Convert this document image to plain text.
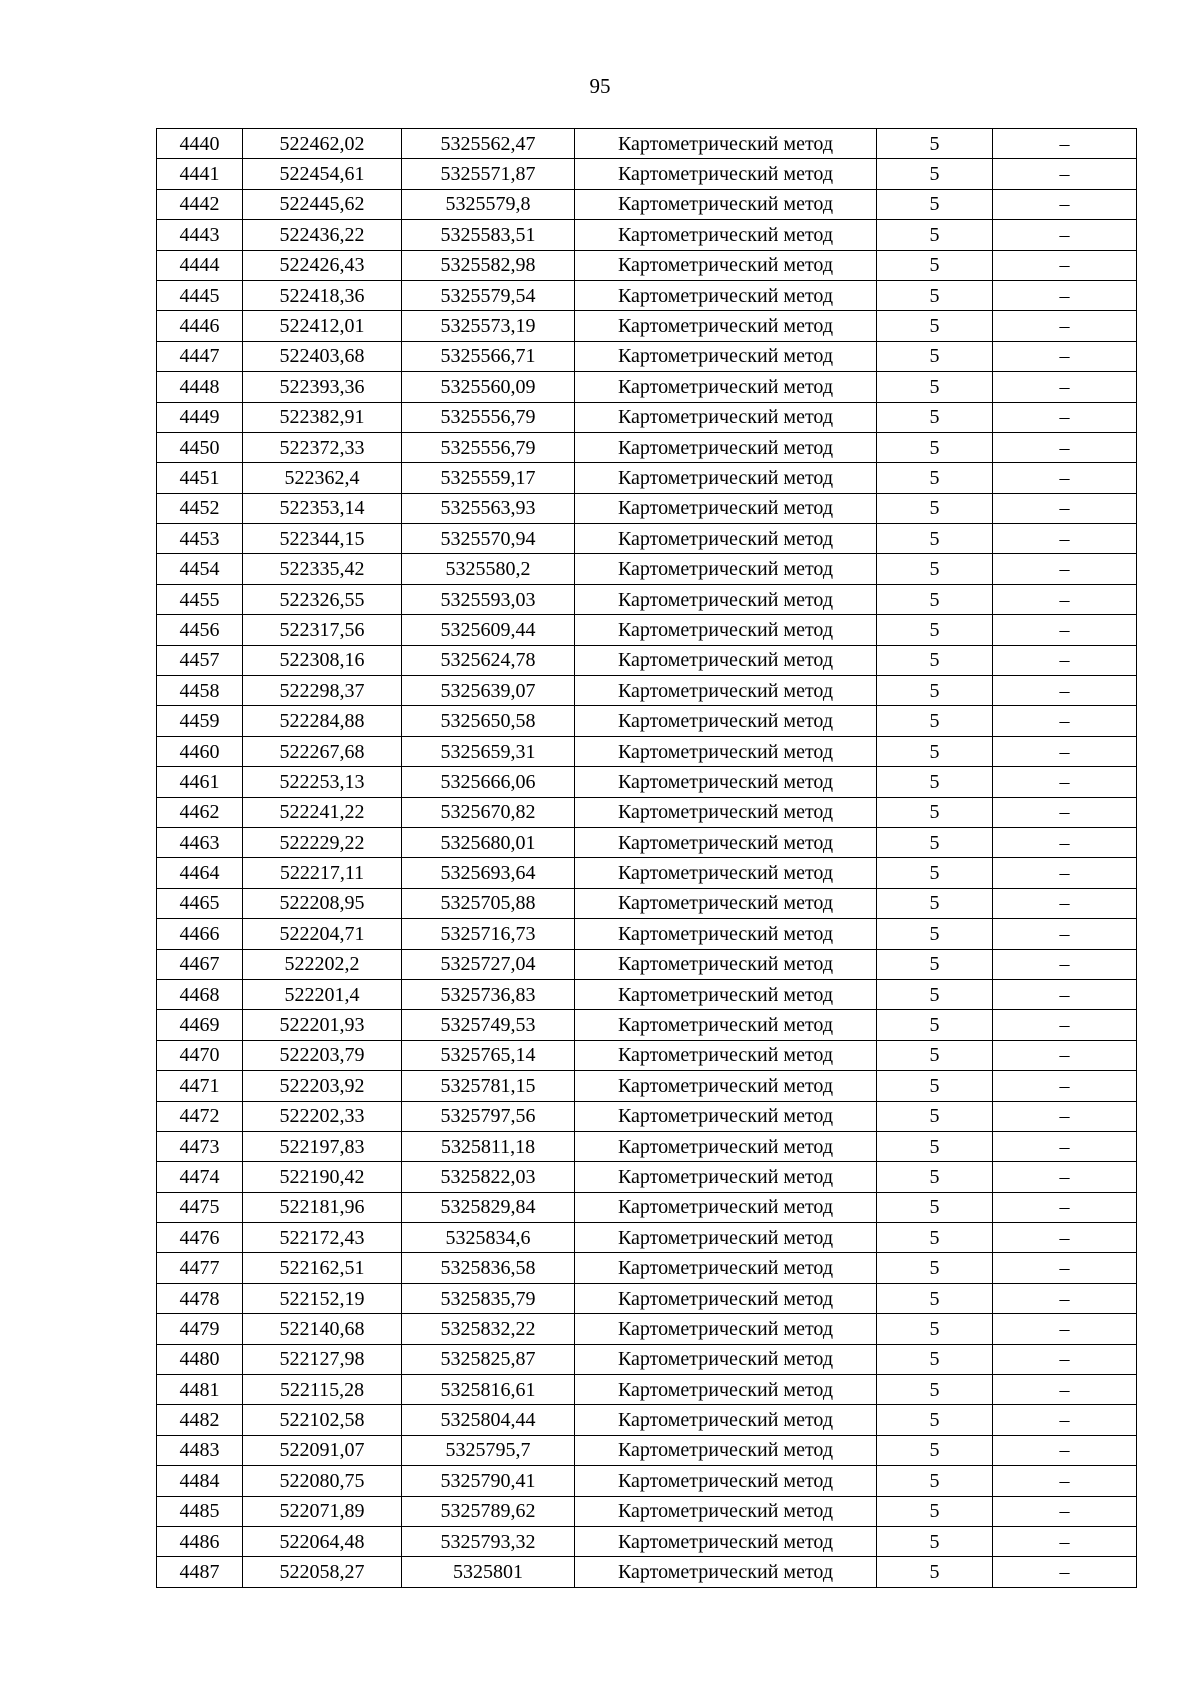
95
4440	522462,02	5325562,47	Картометрический метод	5	–
4441	522454,61	5325571,87	Картометрический метод	5	–
4442	522445,62	5325579,8	Картометрический метод	5	–
4443	522436,22	5325583,51	Картометрический метод	5	–
4444	522426,43	5325582,98	Картометрический метод	5	–
4445	522418,36	5325579,54	Картометрический метод	5	–
4446	522412,01	5325573,19	Картометрический метод	5	–
4447	522403,68	5325566,71	Картометрический метод	5	–
4448	522393,36	5325560,09	Картометрический метод	5	–
4449	522382,91	5325556,79	Картометрический метод	5	–
4450	522372,33	5325556,79	Картометрический метод	5	–
4451	522362,4	5325559,17	Картометрический метод	5	–
4452	522353,14	5325563,93	Картометрический метод	5	–
4453	522344,15	5325570,94	Картометрический метод	5	–
4454	522335,42	5325580,2	Картометрический метод	5	–
4455	522326,55	5325593,03	Картометрический метод	5	–
4456	522317,56	5325609,44	Картометрический метод	5	–
4457	522308,16	5325624,78	Картометрический метод	5	–
4458	522298,37	5325639,07	Картометрический метод	5	–
4459	522284,88	5325650,58	Картометрический метод	5	–
4460	522267,68	5325659,31	Картометрический метод	5	–
4461	522253,13	5325666,06	Картометрический метод	5	–
4462	522241,22	5325670,82	Картометрический метод	5	–
4463	522229,22	5325680,01	Картометрический метод	5	–
4464	522217,11	5325693,64	Картометрический метод	5	–
4465	522208,95	5325705,88	Картометрический метод	5	–
4466	522204,71	5325716,73	Картометрический метод	5	–
4467	522202,2	5325727,04	Картометрический метод	5	–
4468	522201,4	5325736,83	Картометрический метод	5	–
4469	522201,93	5325749,53	Картометрический метод	5	–
4470	522203,79	5325765,14	Картометрический метод	5	–
4471	522203,92	5325781,15	Картометрический метод	5	–
4472	522202,33	5325797,56	Картометрический метод	5	–
4473	522197,83	5325811,18	Картометрический метод	5	–
4474	522190,42	5325822,03	Картометрический метод	5	–
4475	522181,96	5325829,84	Картометрический метод	5	–
4476	522172,43	5325834,6	Картометрический метод	5	–
4477	522162,51	5325836,58	Картометрический метод	5	–
4478	522152,19	5325835,79	Картометрический метод	5	–
4479	522140,68	5325832,22	Картометрический метод	5	–
4480	522127,98	5325825,87	Картометрический метод	5	–
4481	522115,28	5325816,61	Картометрический метод	5	–
4482	522102,58	5325804,44	Картометрический метод	5	–
4483	522091,07	5325795,7	Картометрический метод	5	–
4484	522080,75	5325790,41	Картометрический метод	5	–
4485	522071,89	5325789,62	Картометрический метод	5	–
4486	522064,48	5325793,32	Картометрический метод	5	–
4487	522058,27	5325801	Картометрический метод	5	–
